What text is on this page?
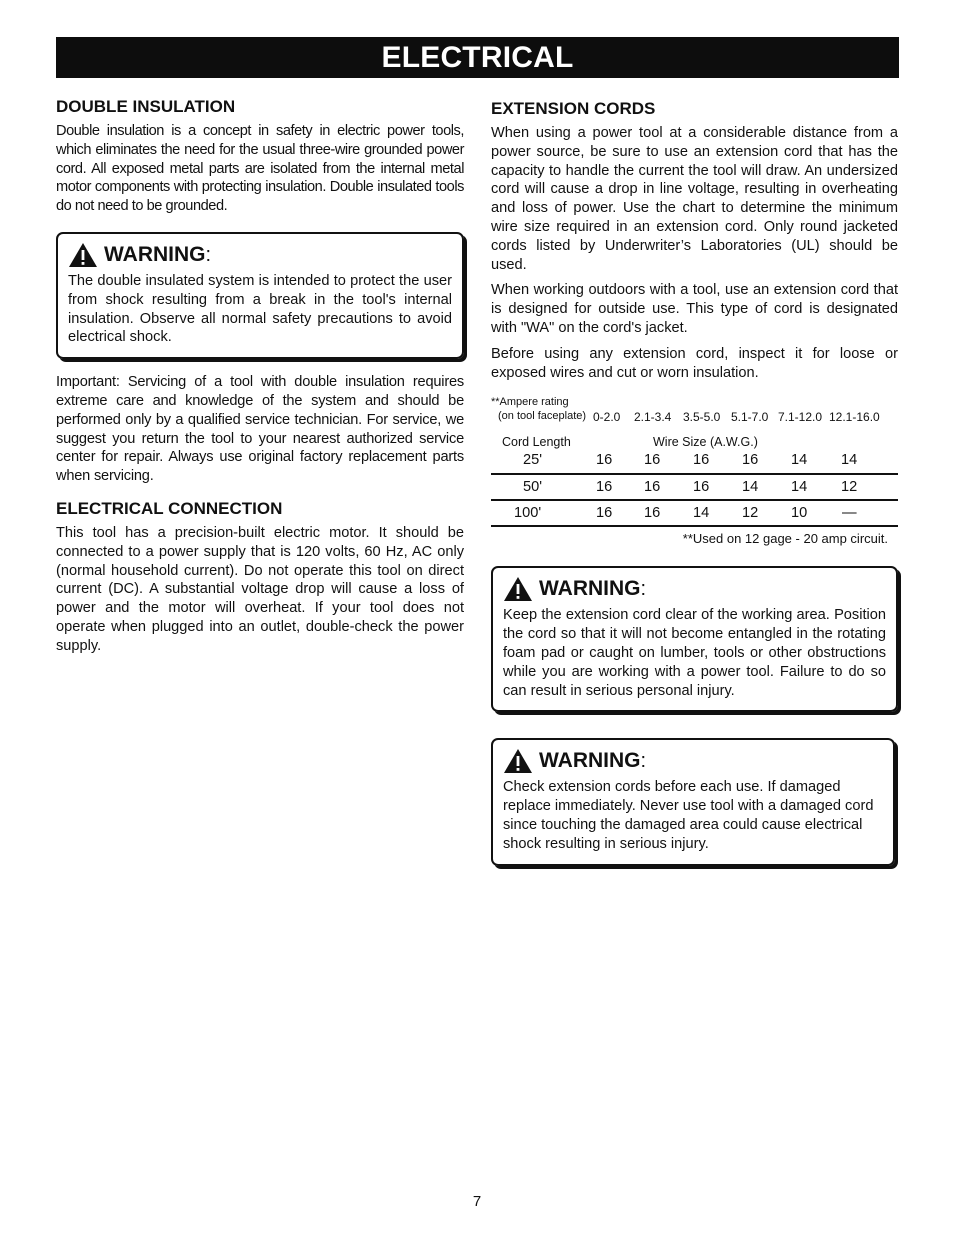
ELECTRICAL
DOUBLE INSULATION

Double insulation is a concept in safety in electric power tools, which eliminates the need for the usual three-wire grounded power cord. All exposed metal parts are isolated from the internal metal motor components with protecting insulation. Double insulated tools do not need to be grounded.

WARNING :

The double insulated system is intended to protect the user from shock resulting from a break in the tool's internal insulation. Observe all normal safety precautions to avoid electrical shock.

Important: Servicing of a tool with double insulation requires extreme care and knowledge of the system and should be performed only by a qualified service technician. For service, we suggest you return the tool to your nearest authorized service center for repair. Always use original factory replacement parts when servicing.

ELECTRICAL CONNECTION

This tool has a precision-built electric motor. It should be connected to a power supply that is 120 volts, 60 Hz, AC only (normal household current). Do not operate this tool on direct current (DC). A substantial voltage drop will cause a loss of power and the motor will overheat. If your tool does not operate when plugged into an outlet, double-check the power supply.

EXTENSION CORDS

When using a power tool at a considerable distance from a power source, be sure to use an extension cord that has the capacity to handle the current the tool will draw. An undersized cord will cause a drop in line voltage, resulting in overheating and loss of power. Use the chart to determine the minimum wire size required in an extension cord. Only round jacketed cords listed by Underwriter’s Laboratories (UL) should be used.

When working outdoors with a tool, use an extension cord that is designed for outside use. This type of cord is designated with "WA" on the cord's jacket.

Before using any extension cord, inspect it for loose or exposed wires and cut or worn insulation.

**Ampere rating
(on tool faceplate) 0-2.0 2.1-3.4 3.5-5.0 5.1-7.0 7.1-12.0 12.1-16.0
Cord Length	Wire Size (A.W.G.)
25'	16 16 16 16 14 14
50'	16 16 16 14 14 12
100'	16 16 14 12 10 —
**Used on 12 gage - 20 amp circuit.
WARNING :

Keep the extension cord clear of the working area. Position the cord so that it will not become entangled in the rotating foam pad or caught on lumber, tools or other obstructions while you are working with a power tool. Failure to do so can result in serious personal injury.

WARNING :

Check extension cords before each use. If damaged replace immediately. Never use tool with a damaged cord since touching the damaged area could cause electrical shock resulting in serious injury.

7
